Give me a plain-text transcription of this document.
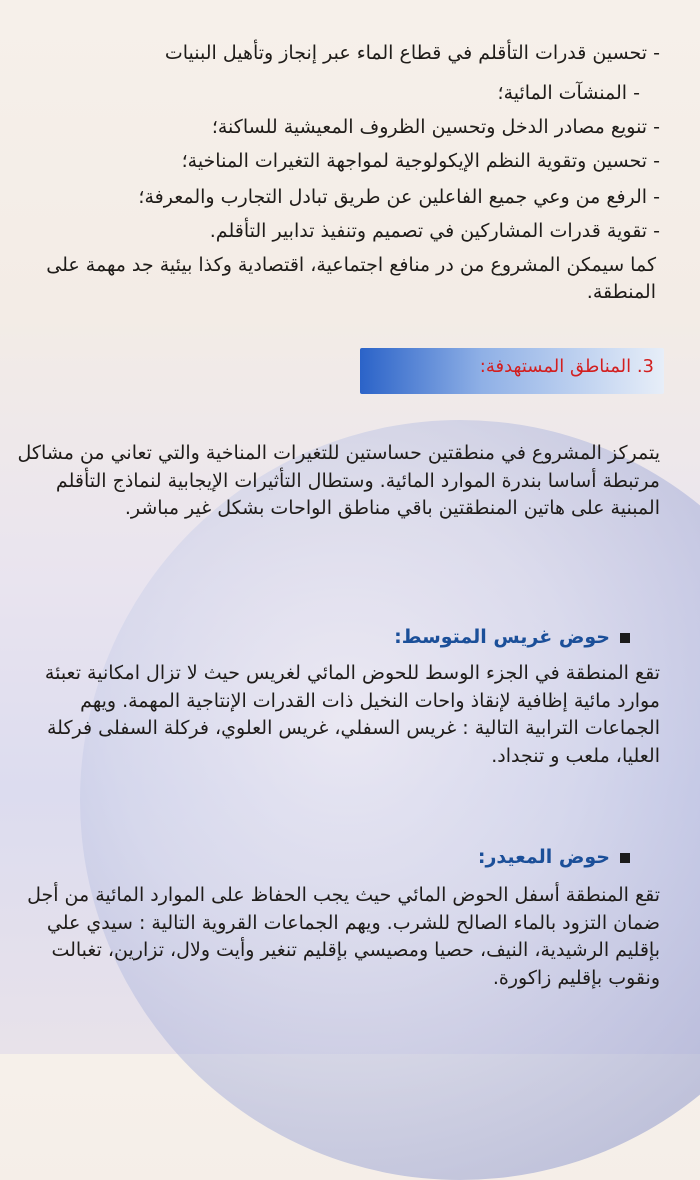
- تحسين قدرات التأقلم في قطاع الماء عبر إنجاز وتأهيل البنيات
- المنشآت المائية؛
- تنويع مصادر الدخل وتحسين الظروف المعيشية للساكنة؛
- تحسين وتقوية النظم الإيكولوجية لمواجهة التغيرات المناخية؛
- الرفع من وعي جميع الفاعلين عن طريق تبادل التجارب والمعرفة؛
- تقوية قدرات المشاركين في تصميم وتنفيذ تدابير التأقلم.
كما سيمكن المشروع من در منافع اجتماعية، اقتصادية وكذا بيئية جد مهمة على المنطقة.
3. المناطق المستهدفة:
يتمركز المشروع في منطقتين حساستين للتغيرات المناخية والتي تعاني من مشاكل مرتبطة أساسا بندرة الموارد المائية. وستطال التأثيرات الإيجابية لنماذج التأقلم المبنية على هاتين المنطقتين باقي مناطق الواحات بشكل غير مباشر.
حوض غريس المتوسط:
تقع المنطقة في الجزء الوسط للحوض المائي لغريس حيث لا تزال امكانية تعبئة موارد مائية إظافية لإنقاذ واحات النخيل ذات القدرات الإنتاجية المهمة. ويهم الجماعات الترابية التالية : غريس السفلي، غريس العلوي، فركلة السفلى فركلة العليا، ملعب و تنجداد.
حوض المعيدر:
تقع المنطقة أسفل الحوض المائي حيث يجب الحفاظ على الموارد المائية من أجل ضمان التزود بالماء الصالح للشرب. ويهم الجماعات القروية التالية : سيدي علي بإقليم الرشيدية، النيف، حصيا ومصيسي بإقليم تنغير وأيت ولال، تزارين، تغبالت ونقوب بإقليم زاكورة.
